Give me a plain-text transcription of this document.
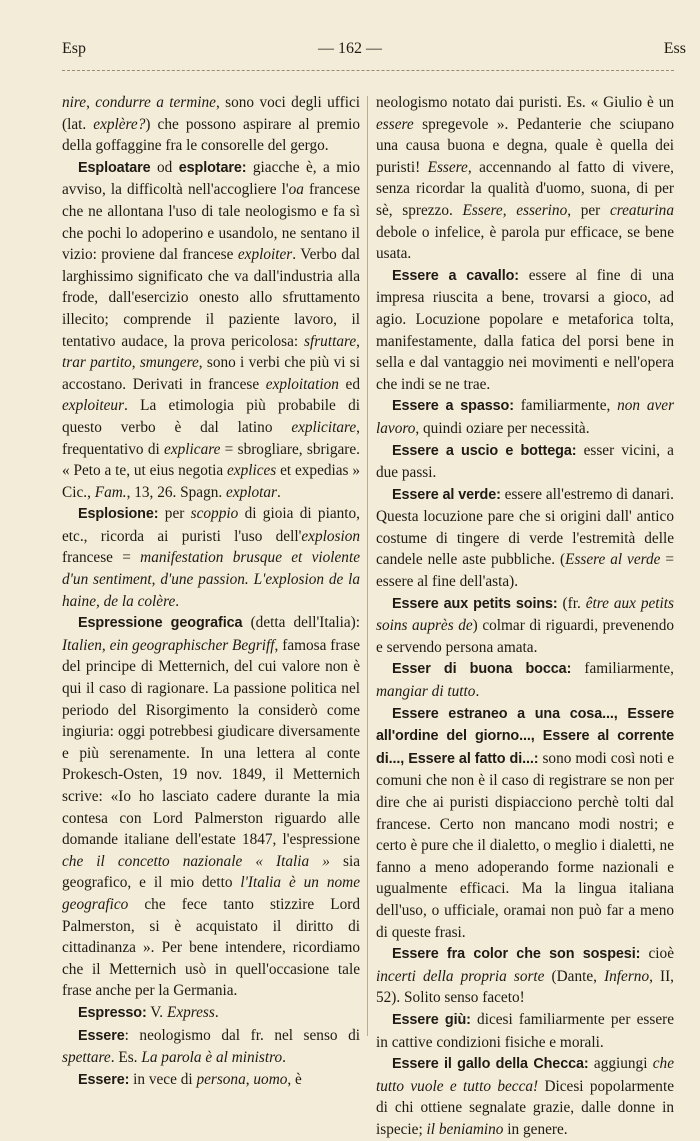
Esp	— 162 —	Ess

nire, condurre a termine, sono voci degli uffici (lat. explère?) che possono aspirare al premio della goffaggine fra le consorelle del gergo.

Esploatare od esplotare: giacche è, a mio avviso, la difficoltà nell'accogliere l'oa francese che ne allontana l'uso di tale neologismo e fa sì che pochi lo adoperino e usandolo, ne sentano il vizio: proviene dal francese exploiter. Verbo dal larghissimo significato che va dall'industria alla frode, dall'esercizio onesto allo sfruttamento illecito; comprende il paziente lavoro, il tentativo audace, la prova pericolosa: sfruttare, trar partito, smungere, sono i verbi che più vi si accostano. Derivati in francese exploitation ed exploiteur. La etimologia più probabile di questo verbo è dal latino explicitare, frequentativo di explicare = sbrogliare, sbrigare. « Peto a te, ut eius negotia explices et expedias » Cic., Fam., 13, 26. Spagn. explotar.

Esplosione: per scoppio di gioia di pianto, etc., ricorda ai puristi l'uso dell'explosion francese = manifestation brusque et violente d'un sentiment, d'une passion. L'explosion de la haine, de la colère.

Espressione geografica (detta dell'Italia): Italien, ein geographischer Begriff, famosa frase del principe di Metternich, del cui valore non è qui il caso di ragionare. La passione politica nel periodo del Risorgimento la considerò come ingiuria: oggi potrebbesi giudicare diversamente e più serenamente. In una lettera al conte Prokesch-Osten, 19 nov. 1849, il Metternich scrive: «Io ho lasciato cadere durante la mia contesa con Lord Palmerston riguardo alle domande italiane dell'estate 1847, l'espressione che il concetto nazionale « Italia » sia geografico, e il mio detto l'Italia è un nome geografico che fece tanto stizzire Lord Palmerston, si è acquistato il diritto di cittadinanza ». Per bene intendere, ricordiamo che il Metternich usò in quell'occasione tale frase anche per la Germania.

Espresso: V. Express.

Essere: neologismo dal fr. nel senso di spettare. Es. La parola è al ministro.

Essere: in vece di persona, uomo, è

neologismo notato dai puristi. Es. « Giulio è un essere spregevole ». Pedanterie che sciupano una causa buona e degna, quale è quella dei puristi! Essere, accennando al fatto di vivere, senza ricordar la qualità d'uomo, suona, di per sè, sprezzo. Essere, esserino, per creaturina debole o infelice, è parola pur efficace, se bene usata.

Essere a cavallo: essere al fine di una impresa riuscita a bene, trovarsi a gioco, ad agio. Locuzione popolare e metaforica tolta, manifestamente, dalla fatica del porsi bene in sella e dal vantaggio nei movimenti e nell'opera che indi se ne trae.

Essere a spasso: familiarmente, non aver lavoro, quindi oziare per necessità.

Essere a uscio e bottega: esser vicini, a due passi.

Essere al verde: essere all'estremo di danari. Questa locuzione pare che si origini dall' antico costume di tingere di verde l'estremità delle candele nelle aste pubbliche. (Essere al verde = essere al fine dell'asta).

Essere aux petits soins: (fr. être aux petits soins auprès de) colmar di riguardi, prevenendo e servendo persona amata.

Esser di buona bocca: familiarmente, mangiar di tutto.

Essere estraneo a una cosa..., Essere all'ordine del giorno..., Essere al corrente di..., Essere al fatto di...: sono modi così noti e comuni che non è il caso di registrare se non per dire che ai puristi dispiacciono perchè tolti dal francese. Certo non mancano modi nostri; e certo è pure che il dialetto, o meglio i dialetti, ne fanno a meno adoperando forme nazionali e ugualmente efficaci. Ma la lingua italiana dell'uso, o ufficiale, oramai non può far a meno di queste frasi.

Essere fra color che son sospesi: cioè incerti della propria sorte (Dante, Inferno, II, 52). Solito senso faceto!

Essere giù: dicesi familiarmente per essere in cattive condizioni fisiche e morali.

Essere il gallo della Checca: aggiungi che tutto vuole e tutto becca! Dicesi popolarmente di chi ottiene segnalate grazie, dalle donne in ispecie; il beniamino in genere.
